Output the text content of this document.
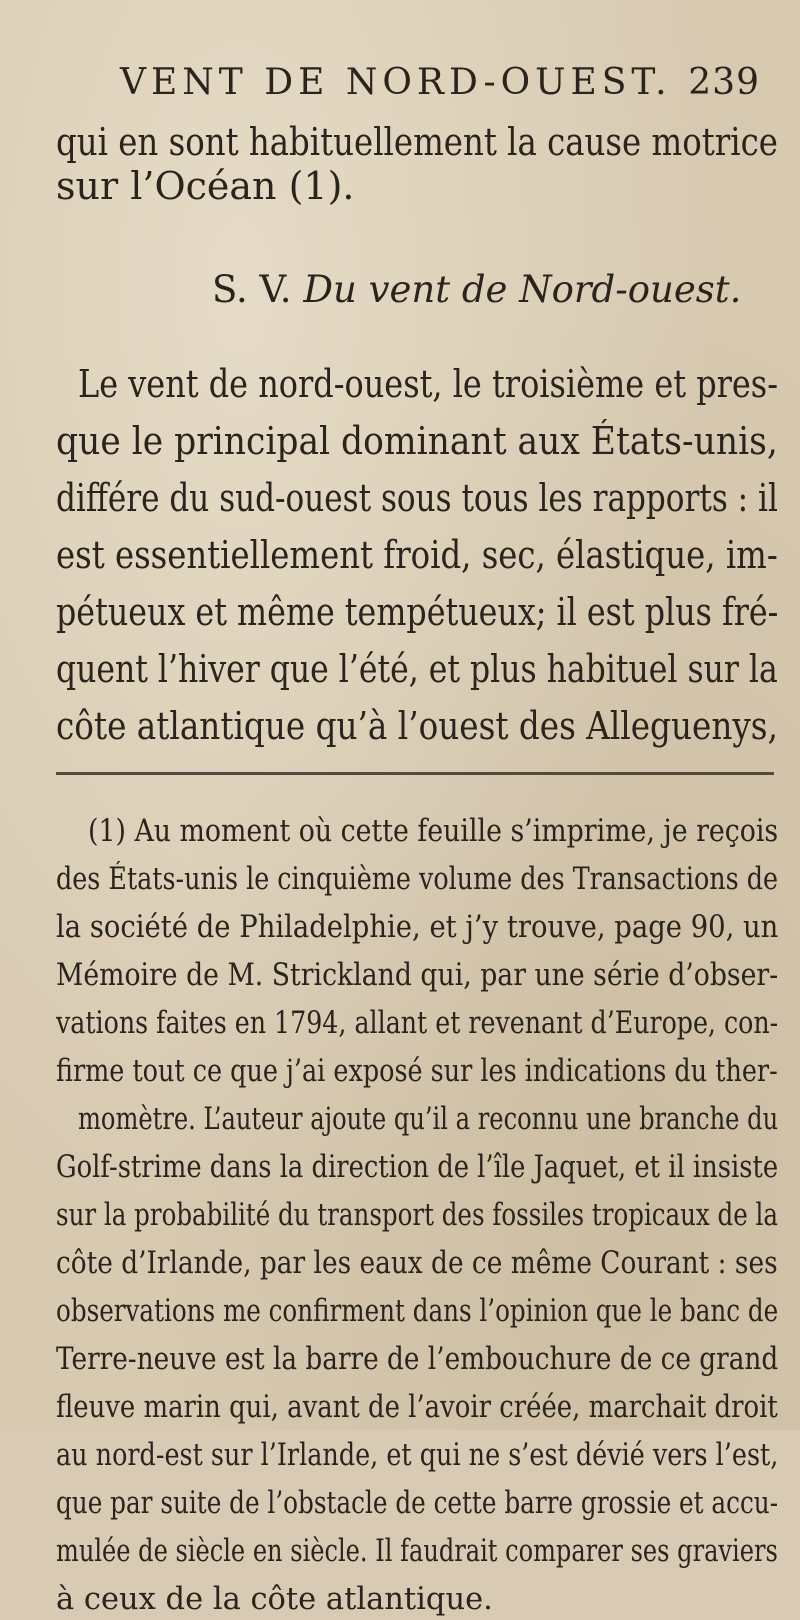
VENT DE NORD-OUEST. 239
qui en sont habituellement la cause motrice
sur l’Océan (1).
S. V. Du vent de Nord-ouest.
Le vent de nord-ouest, le troisième et pres-
que le principal dominant aux États-unis,
différe du sud-ouest sous tous les rapports : il
est essentiellement froid, sec, élastique, im-
pétueux et même tempétueux; il est plus fré-
quent l’hiver que l’été, et plus habituel sur la
côte atlantique qu’à l’ouest des Alleguenys,
(1) Au moment où cette feuille s’imprime, je reçois
des États-unis le cinquième volume des Transactions de
la société de Philadelphie, et j’y trouve, page 90, un
Mémoire de M. Strickland qui, par une série d’obser-
vations faites en 1794, allant et revenant d’Europe, con-
firme tout ce que j’ai exposé sur les indications du ther-
momètre. L’auteur ajoute qu’il a reconnu une branche du
Golf-strime dans la direction de l’île Jaquet, et il insiste
sur la probabilité du transport des fossiles tropicaux de la
côte d’Irlande, par les eaux de ce même Courant : ses
observations me confirment dans l’opinion que le banc de
Terre-neuve est la barre de l’embouchure de ce grand
fleuve marin qui, avant de l’avoir créée, marchait droit
au nord-est sur l’Irlande, et qui ne s’est dévié vers l’est,
que par suite de l’obstacle de cette barre grossie et accu-
mulée de siècle en siècle. Il faudrait comparer ses graviers
à ceux de la côte atlantique.
